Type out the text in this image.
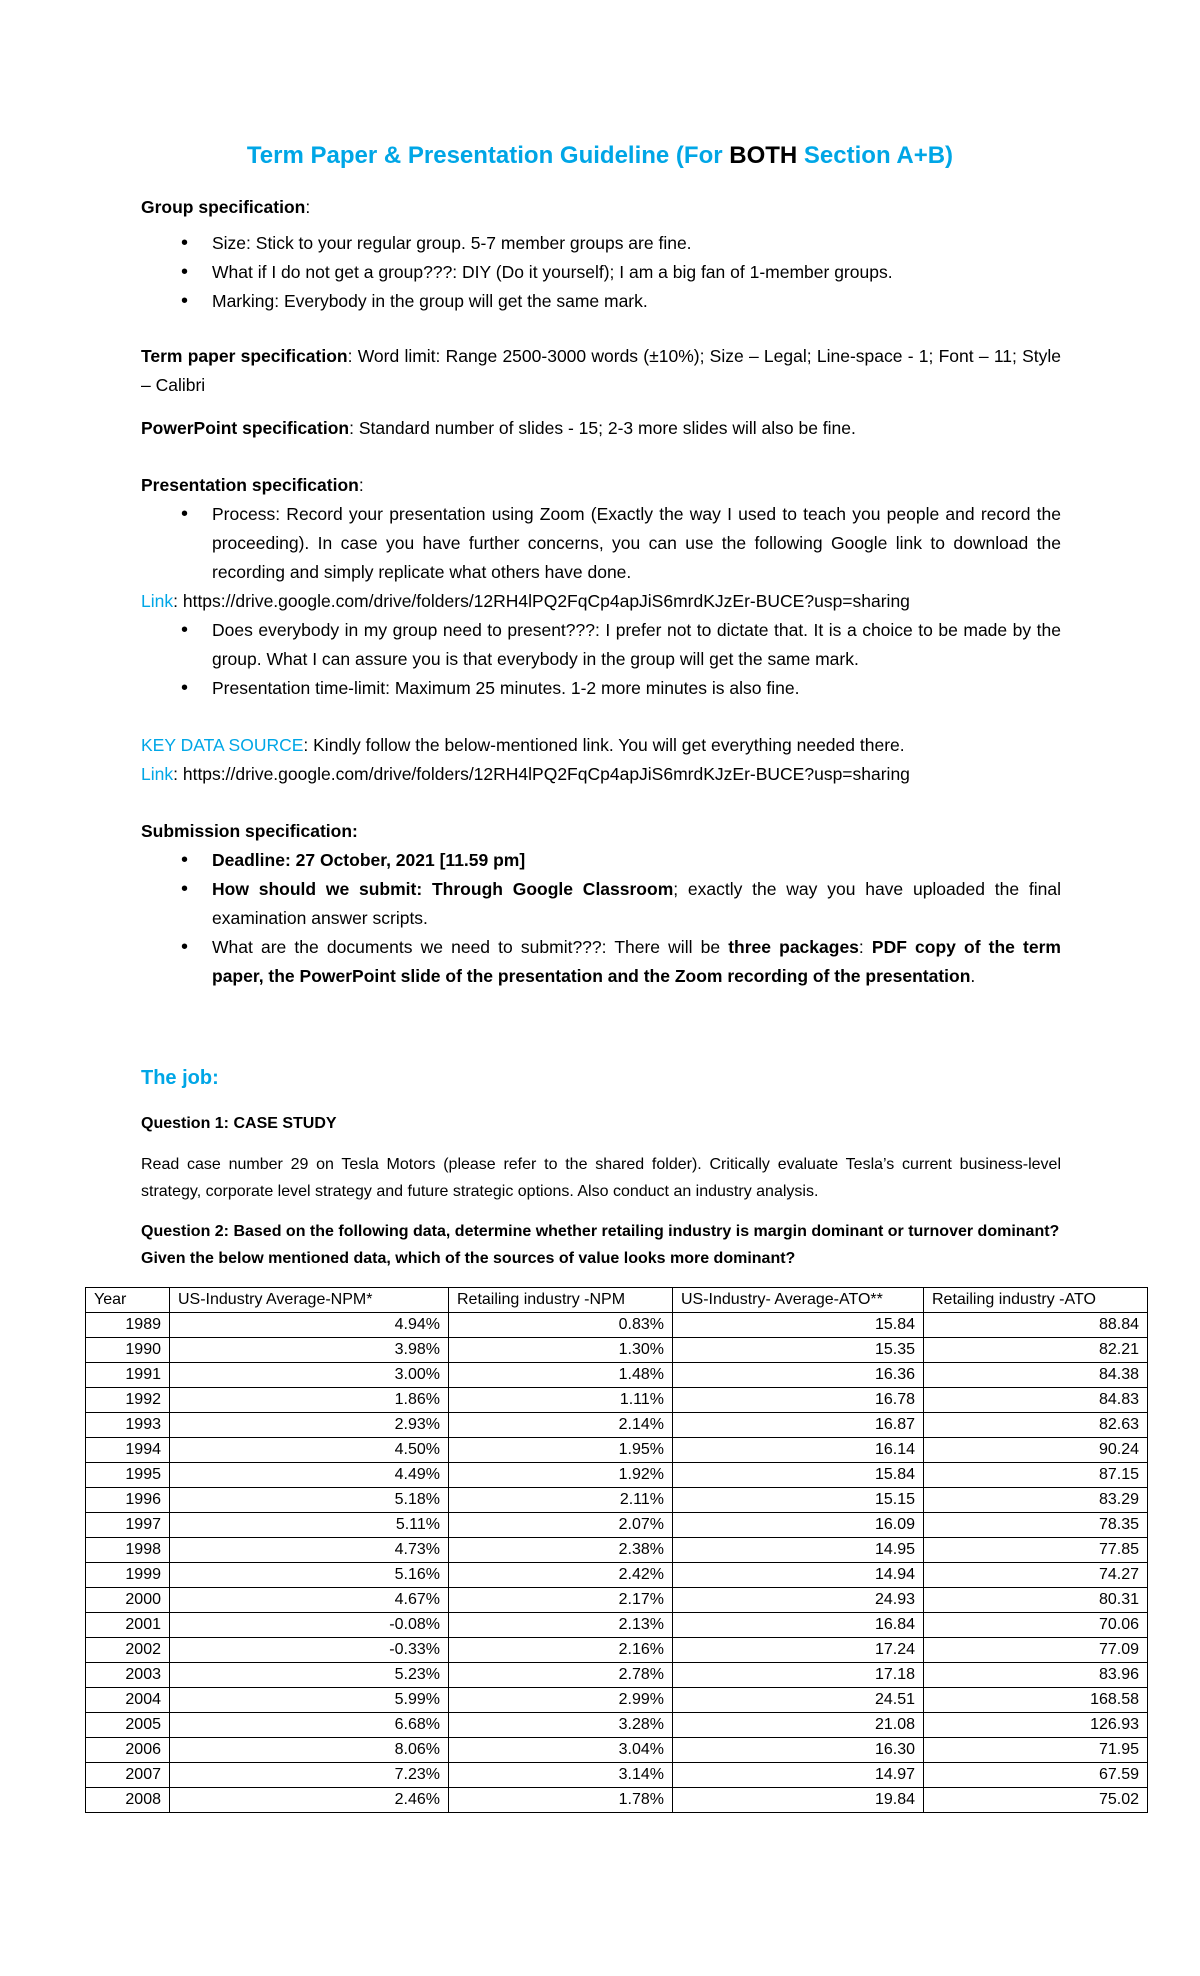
Term Paper & Presentation Guideline (For BOTH Section A+B)

Group specification:

• Size: Stick to your regular group. 5-7 member groups are fine.
• What if I do not get a group???: DIY (Do it yourself); I am a big fan of 1-member groups.
• Marking: Everybody in the group will get the same mark.
Term paper specification: Word limit: Range 2500-3000 words (±10%); Size – Legal; Line-space - 1; Font – 11; Style – Calibri
PowerPoint specification: Standard number of slides - 15; 2-3 more slides will also be fine.

Presentation specification:

• Process: Record your presentation using Zoom (Exactly the way I used to teach you people and record the proceeding). In case you have further concerns, you can use the following Google link to download the recording and simply replicate what others have done.

Link: https://drive.google.com/drive/folders/12RH4lPQ2FqCp4apJiS6mrdKJzEr-BUCE?usp=sharing

• Does everybody in my group need to present???: I prefer not to dictate that. It is a choice to be made by the group. What I can assure you is that everybody in the group will get the same mark.
• Presentation time-limit: Maximum 25 minutes. 1-2 more minutes is also fine.

KEY DATA SOURCE: Kindly follow the below-mentioned link. You will get everything needed there.

Link: https://drive.google.com/drive/folders/12RH4lPQ2FqCp4apJiS6mrdKJzEr-BUCE?usp=sharing

Submission specification:

• Deadline: 27 October, 2021 [11.59 pm]
• How should we submit: Through Google Classroom; exactly the way you have uploaded the final examination answer scripts.
• What are the documents we need to submit???: There will be three packages: PDF copy of the term paper, the PowerPoint slide of the presentation and the Zoom recording of the presentation.
The job:
Question 1: CASE STUDY
Read case number 29 on Tesla Motors (please refer to the shared folder). Critically evaluate Tesla’s current business-level strategy, corporate level strategy and future strategic options. Also conduct an industry analysis.
Question 2: Based on the following data, determine whether retailing industry is margin dominant or turnover dominant? Given the below mentioned data, which of the sources of value looks more dominant?
Year	US-Industry Average-NPM*	Retailing industry -NPM	US-Industry- Average-ATO**	Retailing industry -ATO
1989	4.94%	0.83%	15.84	88.84
1990	3.98%	1.30%	15.35	82.21
1991	3.00%	1.48%	16.36	84.38
1992	1.86%	1.11%	16.78	84.83
1993	2.93%	2.14%	16.87	82.63
1994	4.50%	1.95%	16.14	90.24
1995	4.49%	1.92%	15.84	87.15
1996	5.18%	2.11%	15.15	83.29
1997	5.11%	2.07%	16.09	78.35
1998	4.73%	2.38%	14.95	77.85
1999	5.16%	2.42%	14.94	74.27
2000	4.67%	2.17%	24.93	80.31
2001	-0.08%	2.13%	16.84	70.06
2002	-0.33%	2.16%	17.24	77.09
2003	5.23%	2.78%	17.18	83.96
2004	5.99%	2.99%	24.51	168.58
2005	6.68%	3.28%	21.08	126.93
2006	8.06%	3.04%	16.30	71.95
2007	7.23%	3.14%	14.97	67.59
2008	2.46%	1.78%	19.84	75.02
